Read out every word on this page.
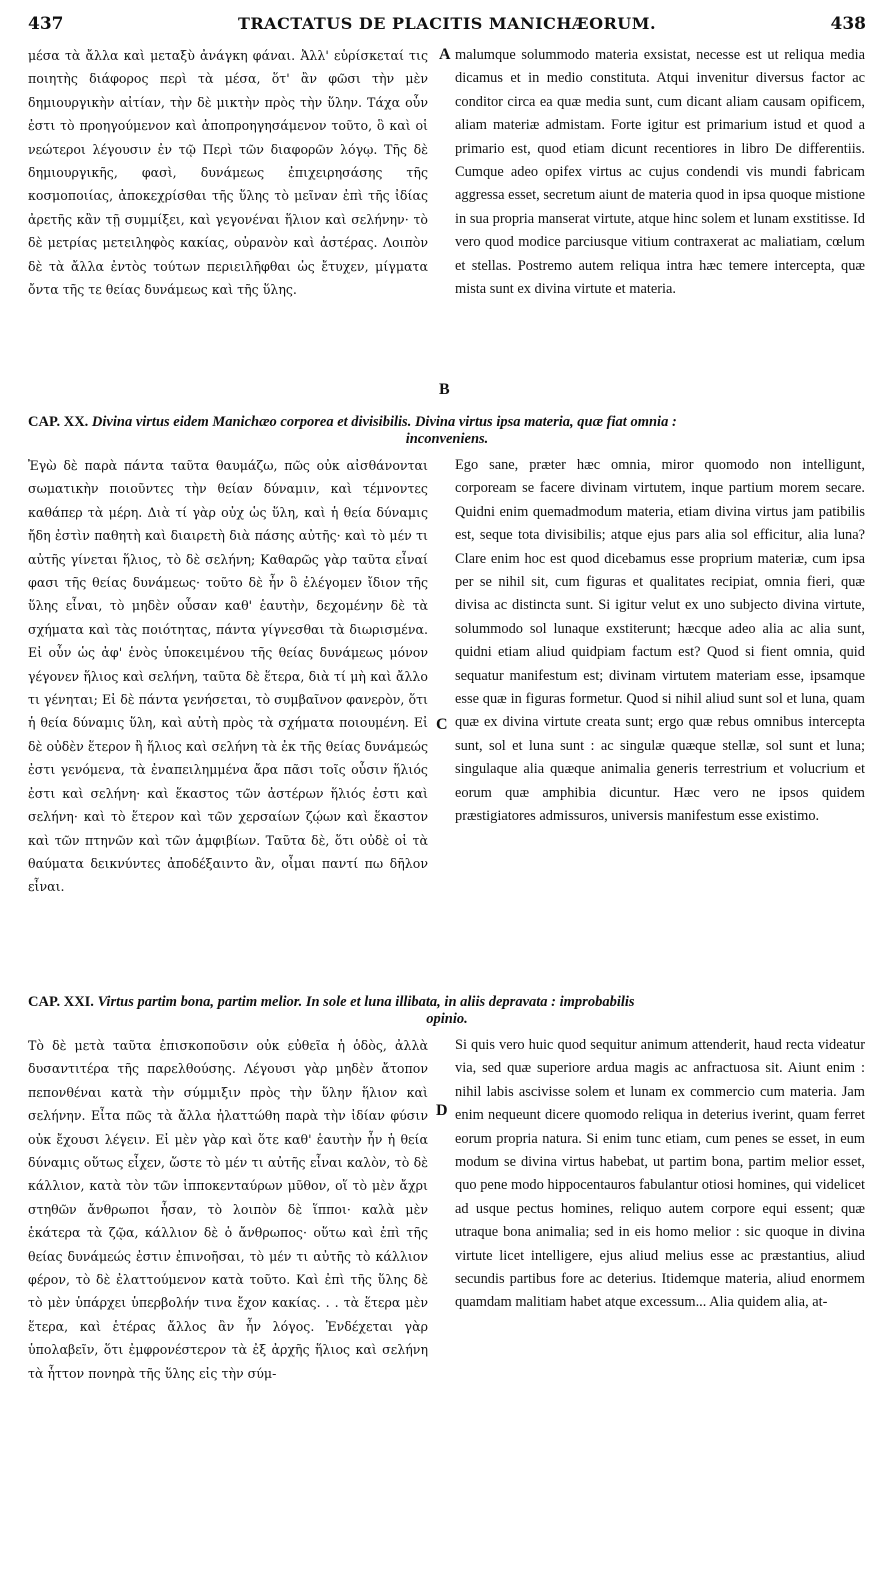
437	TRACTATUS DE PLACITIS MANICHÆORUM.	438
μέσα τὰ ἄλλα καὶ μεταξὺ ἀνάγκη φάναι. Ἀλλ' εὑρίσκεταί τις ποιητὴς διάφορος περὶ τὰ μέσα, ὅτ' ἂν φῶσι τὴν μὲν δημιουργικὴν αἰτίαν, τὴν δὲ μικτὴν πρὸς τὴν ὕλην. Τάχα οὖν ἐστι τὸ προηγούμενον καὶ ἀποπροηγησάμενον τοῦτο, ὃ καὶ οἱ νεώτεροι λέγουσιν ἐν τῷ Περὶ τῶν διαφορῶν λόγῳ. Τῆς δὲ δημιουργικῆς, φασὶ, δυνάμεως ἐπιχειρησάσης τῆς κοσμοποιίας, ἀποκεχρίσθαι τῆς ὕλης τὸ μεῖναν ἐπὶ τῆς ἰδίας ἀρετῆς κἂν τῇ συμμίξει, καὶ γεγονέναι ἥλιον καὶ σελήνην· τὸ δὲ μετρίας μετειληφὸς κακίας, οὐρανὸν καὶ ἀστέρας. Λοιπὸν δὲ τὰ ἄλλα ἐντὸς τούτων περιειλῆφθαι ὡς ἔτυχεν, μίγματα ὄντα τῆς τε θείας δυνάμεως καὶ τῆς ὕλης.
A malumque solummodo materia exsistat, necesse est ut reliqua media dicamus et in medio constituta. Atqui invenitur diversus factor ac conditor circa ea quæ media sunt, cum dicant aliam causam opificem, aliam materiæ admistam. Forte igitur est primarium istud et quod a primario est, quod etiam dicunt recentiores in libro De differentiis. Cumque adeo opifex virtus ac cujus condendi vis mundi fabricam aggressa esset, secretum aiunt de materia quod in ipsa quoque mistione in sua propria manserat virtute, atque hinc solem et lunam exstitisse. Id vero quod modice parciusque vitium contraxerat ac maliatiam, cœlum et stellas. Postremo autem reliqua intra hæc temere intercepta, quæ mista sunt ex divina virtute et materia.
B
CAP. XX. Divina virtus eidem Manichæo corporea et divisibilis. Divina virtus ipsa materia, quæ fiat omnia :
inconveniens.
Ἐγὼ δὲ παρὰ πάντα ταῦτα θαυμάζω, πῶς οὐκ αἰσθάνονται σωματικὴν ποιοῦντες τὴν θείαν δύναμιν, καὶ τέμνοντες καθάπερ τὰ μέρη. Διὰ τί γὰρ οὐχ ὡς ὕλη, καὶ ἡ θεία δύναμις ἤδη ἐστὶν παθητὴ καὶ διαιρετὴ διὰ πάσης αὐτῆς· καὶ τὸ μέν τι αὐτῆς γίνεται ἥλιος, τὸ δὲ σελήνη; Καθαρῶς γὰρ ταῦτα εἶναί φασι τῆς θείας δυνάμεως· τοῦτο δὲ ἦν ὃ ἐλέγομεν ἴδιον τῆς ὕλης εἶναι, τὸ μηδὲν οὖσαν καθ' ἑαυτὴν, δεχομένην δὲ τὰ σχήματα καὶ τὰς ποιότητας, πάντα γίγνεσθαι τὰ διωρισμένα. Εἰ οὖν ὡς ἀφ' ἑνὸς ὑποκειμένου τῆς θείας δυνάμεως μόνον γέγονεν ἥλιος καὶ σελήνη, ταῦτα δὲ ἕτερα, διὰ τί μὴ καὶ ἄλλο τι γένηται; Εἰ δὲ πάντα γενήσεται, τὸ συμβαῖνον φανερὸν, ὅτι ἡ θεία δύναμις ὕλη, καὶ αὐτὴ πρὸς τὰ σχήματα ποιουμένη. Εἰ δὲ οὐδὲν ἕτερον ἢ ἥλιος καὶ σελήνη τὰ ἐκ τῆς θείας δυνάμεώς ἐστι γενόμενα, τὰ ἐναπειλημμένα ἄρα πᾶσι τοῖς οὖσιν ἥλιός ἐστι καὶ σελήνη· καὶ ἕκαστος τῶν ἀστέρων ἥλιός ἐστι καὶ σελήνη· καὶ τὸ ἕτερον καὶ τῶν χερσαίων ζῴων καὶ ἕκαστον καὶ τῶν πτηνῶν καὶ τῶν ἀμφιβίων. Ταῦτα δὲ, ὅτι οὐδὲ οἱ τὰ θαύματα δεικνύντες ἀποδέξαιντο ἂν, οἶμαι παντί πω δῆλον εἶναι.
C
Ego sane, præter hæc omnia, miror quomodo non intelligunt, corpoream se facere divinam virtutem, inque partium morem secare. Quidni enim quemadmodum materia, etiam divina virtus jam patibilis est, seque tota divisibilis; atque ejus pars alia sol efficitur, alia luna? Clare enim hoc est quod dicebamus esse proprium materiæ, cum ipsa per se nihil sit, cum figuras et qualitates recipiat, omnia fieri, quæ divisa ac distincta sunt. Si igitur velut ex uno subjecto divina virtute, solummodo sol lunaque exstiterunt; hæcque adeo alia ac alia sunt, quidni etiam aliud quidpiam factum est? Quod si fient omnia, quid sequatur manifestum est; divinam virtutem materiam esse, ipsamque esse quæ in figuras formetur. Quod si nihil aliud sunt sol et luna, quam quæ ex divina virtute creata sunt; ergo quæ rebus omnibus intercepta sunt, sol et luna sunt : ac singulæ quæque stellæ, sol sunt et luna; singulaque alia quæque animalia generis terrestrium et volucrium et eorum quæ amphibia dicuntur. Hæc vero ne ipsos quidem præstigiatores admissuros, universis manifestum esse existimo.
CAP. XXI. Virtus partim bona, partim melior. In sole et luna illibata, in aliis depravata : improbabilis
opinio.
Τὸ δὲ μετὰ ταῦτα ἐπισκοποῦσιν οὐκ εὐθεῖα ἡ ὁδὸς, ἀλλὰ δυσαντιτέρα τῆς παρελθούσης. Λέγουσι γὰρ μηδὲν ἄτοπον πεπονθέναι κατὰ τὴν σύμμιξιν πρὸς τὴν ὕλην ἥλιον καὶ σελήνην. Εἶτα πῶς τὰ ἄλλα ἠλαττώθη παρὰ τὴν ἰδίαν φύσιν οὐκ ἔχουσι λέγειν. Εἰ μὲν γὰρ καὶ ὅτε καθ' ἑαυτὴν ἦν ἡ θεία δύναμις οὕτως εἶχεν, ὥστε τὸ μέν τι αὐτῆς εἶναι καλὸν, τὸ δὲ κάλλιον, κατὰ τὸν τῶν ἱπποκενταύρων μῦθον, οἵ τὸ μὲν ἄχρι στηθῶν ἄνθρωποι ἦσαν, τὸ λοιπὸν δὲ ἵπποι· καλὰ μὲν ἑκάτερα τὰ ζῷα, κάλλιον δὲ ὁ ἄνθρωπος· οὕτω καὶ ἐπὶ τῆς θείας δυνάμεώς ἐστιν ἐπινοῆσαι, τὸ μέν τι αὐτῆς τὸ κάλλιον φέρον, τὸ δὲ ἐλαττούμενον κατὰ τοῦτο. Καὶ ἐπὶ τῆς ὕλης δὲ τὸ μὲν ὑπάρχει ὑπερβολήν τινα ἔχον κακίας. . . τὰ ἕτερα μὲν ἕτερα, καὶ ἑτέρας ἄλλος ἂν ἦν λόγος. Ἐνδέχεται γὰρ ὑπολαβεῖν, ὅτι ἐμφρονέστερον τὰ ἐξ ἀρχῆς ἥλιος καὶ σελήνη τὰ ἧττον πονηρὰ τῆς ὕλης εἰς τὴν σύμ-
D
Si quis vero huic quod sequitur animum attenderit, haud recta videatur via, sed quæ superiore ardua magis ac anfractuosa sit. Aiunt enim : nihil labis ascivisse solem et lunam ex commercio cum materia. Jam enim nequeunt dicere quomodo reliqua in deterius iverint, quam ferret eorum propria natura. Si enim tunc etiam, cum penes se esset, in eum modum se divina virtus habebat, ut partim bona, partim melior esset, quo pene modo hippocentauros fabulantur otiosi homines, qui videlicet ad usque pectus homines, reliquo autem corpore equi essent; quæ utraque bona animalia; sed in eis homo melior : sic quoque in divina virtute licet intelligere, ejus aliud melius esse ac præstantius, aliud secundis partibus fore ac deterius. Itidemque materia, aliud enormem quamdam malitiam habet atque excessum... Alia quidem alia, at-
